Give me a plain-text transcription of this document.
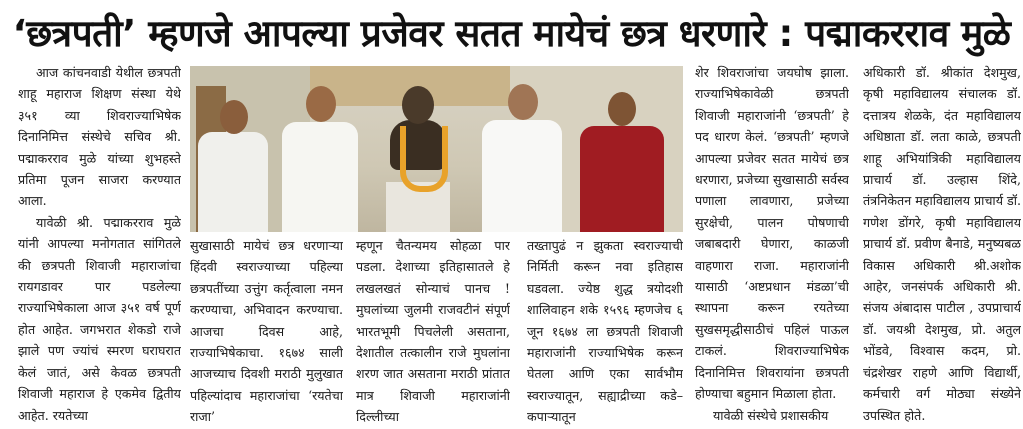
‘छत्रपती’ म्हणजे आपल्या प्रजेवर सतत मायेचं छत्र धरणारे : पद्माकरराव मुळे

आज कांचनवाडी येथील छत्रपती शाहू महाराज शिक्षण संस्था येथे ३५१ व्या शिवराज्याभिषेक दिनानिमित्त संस्थेचे सचिव श्री. पद्माकरराव मुळे यांच्या शुभहस्ते प्रतिमा पूजन साजरा करण्यात आला.

यावेळी श्री. पद्माकरराव मुळे यांनी आपल्या मनोगतात सांगितले की छत्रपती शिवाजी महाराजांचा रायगडावर पार पडलेल्या राज्याभिषेकाला आज ३५१ वर्ष पूर्ण होत आहेत. जगभरात शेकडो राजे झाले पण ज्यांचं स्मरण घराघरात केलं जातं, असे केवळ छत्रपती शिवाजी महाराज हे एकमेव द्वितीय आहेत. रयतेच्या

सुखासाठी मायेचं छत्र धरणाऱ्या हिंदवी स्वराज्याच्या पहिल्या छत्रपतींच्या उत्तुंग कर्तृत्वाला नमन करण्याचा, अभिवादन करण्याचा. आजचा दिवस आहे, राज्याभिषेकाचा. १६७४ साली आजच्याच दिवशी मराठी मुलुखात पहिल्यांदाच महाराजांचा ‘रयतेचा राजा’

म्हणून चैतन्यमय सोहळा पार पडला. देशाच्या इतिहासातले हे लखलखतं सोन्याचं पानच ! मुघलांच्या जुलमी राजवटीनं संपूर्ण भारतभूमी पिचलेली असताना, देशातील तत्कालीन राजे मुघलांना शरण जात असताना मराठी प्रांतात मात्र शिवाजी महाराजांनी दिल्लीच्या

तख्तापुढं न झुकता स्वराज्याची निर्मिती करून नवा इतिहास घडवला. ज्येष्ठ शुद्ध त्रयोदशी शालिवाहन शके १५९६ म्हणजेच ६ जून १६७४ ला छत्रपती शिवाजी महाराजांनी राज्याभिषेक करून घेतला आणि एका सार्वभौम स्वराज्यातून, सह्याद्रीच्या कडे–कपाऱ्यातून

शेर शिवराजांचा जयघोष झाला. राज्याभिषेकावेळी छत्रपती शिवाजी महाराजांनी ‘छत्रपती’ हे पद धारण केलं. ‘छत्रपती’ म्हणजे आपल्या प्रजेवर सतत मायेचं छत्र धरणारा, प्रजेच्या सुखासाठी सर्वस्व पणाला लावणारा, प्रजेच्या सुरक्षेची, पालन पोषणाची जबाबदारी घेणारा, काळजी वाहणारा राजा. महाराजांनी यासाठी ‘अष्टप्रधान मंडळा’ची स्थापना करून रयतेच्या सुखसमृद्धीसाठीचं पहिलं पाऊल टाकलं. शिवराज्याभिषेक दिनानिमित्त शिवरायांना छत्रपती होण्याचा बहुमान मिळाला होता.

यावेळी संस्थेचे प्रशासकीय

अधिकारी डॉ. श्रीकांत देशमुख, कृषी महाविद्यालय संचालक डॉ. दत्तात्रय शेळके, दंत महाविद्यालय अधिष्ठाता डॉ. लता काळे, छत्रपती शाहू अभियांत्रिकी महाविद्यालय प्राचार्य डॉ. उल्हास शिंदे, तंत्रनिकेतन महाविद्यालय प्राचार्य डॉ. गणेश डोंगरे, कृषी महाविद्यालय प्राचार्य डॉ. प्रवीण बैनाडे, मनुष्यबळ विकास अधिकारी श्री.अशोक आहेर, जनसंपर्क अधिकारी श्री. संजय अंबादास पाटील , उपप्राचार्य डॉ. जयश्री देशमुख, प्रो. अतुल भोंडवे, विश्वास कदम, प्रो. चंद्रशेखर राहणे आणि विद्यार्थी, कर्मचारी वर्ग मोठ्या संख्येने उपस्थित होते.
